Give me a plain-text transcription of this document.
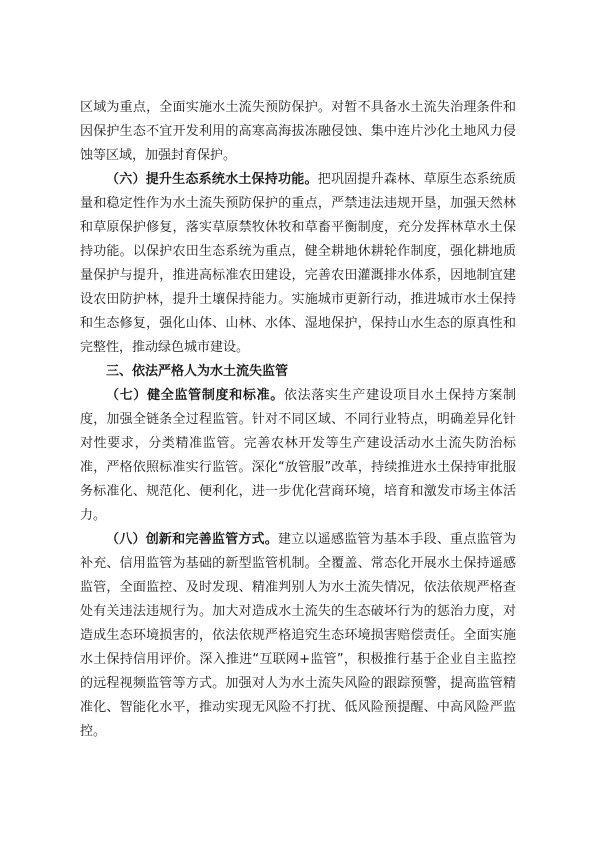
区域为重点，全面实施水土流失预防保护。对暂不具备水土流失治理条件和因保护生态不宜开发利用的高寒高海拔冻融侵蚀、集中连片沙化土地风力侵蚀等区域，加强封育保护。

（六）提升生态系统水土保持功能。把巩固提升森林、草原生态系统质量和稳定性作为水土流失预防保护的重点，严禁违法违规开垦，加强天然林和草原保护修复，落实草原禁牧休牧和草畜平衡制度，充分发挥林草水土保持功能。以保护农田生态系统为重点，健全耕地休耕轮作制度，强化耕地质量保护与提升，推进高标准农田建设，完善农田灌溉排水体系，因地制宜建设农田防护林，提升土壤保持能力。实施城市更新行动，推进城市水土保持和生态修复，强化山体、山林、水体、湿地保护，保持山水生态的原真性和完整性，推动绿色城市建设。

三、依法严格人为水土流失监管

（七）健全监管制度和标准。依法落实生产建设项目水土保持方案制度，加强全链条全过程监管。针对不同区域、不同行业特点，明确差异化针对性要求，分类精准监管。完善农林开发等生产建设活动水土流失防治标准，严格依照标准实行监管。深化“放管服”改革，持续推进水土保持审批服务标准化、规范化、便利化，进一步优化营商环境，培育和激发市场主体活力。

（八）创新和完善监管方式。建立以遥感监管为基本手段、重点监管为补充、信用监管为基础的新型监管机制。全覆盖、常态化开展水土保持遥感监管，全面监控、及时发现、精准判别人为水土流失情况，依法依规严格查处有关违法违规行为。加大对造成水土流失的生态破坏行为的惩治力度，对造成生态环境损害的，依法依规严格追究生态环境损害赔偿责任。全面实施水土保持信用评价。深入推进“互联网+监管”，积极推行基于企业自主监控的远程视频监管等方式。加强对人为水土流失风险的跟踪预警，提高监管精准化、智能化水平，推动实现无风险不打扰、低风险预提醒、中高风险严监控。
